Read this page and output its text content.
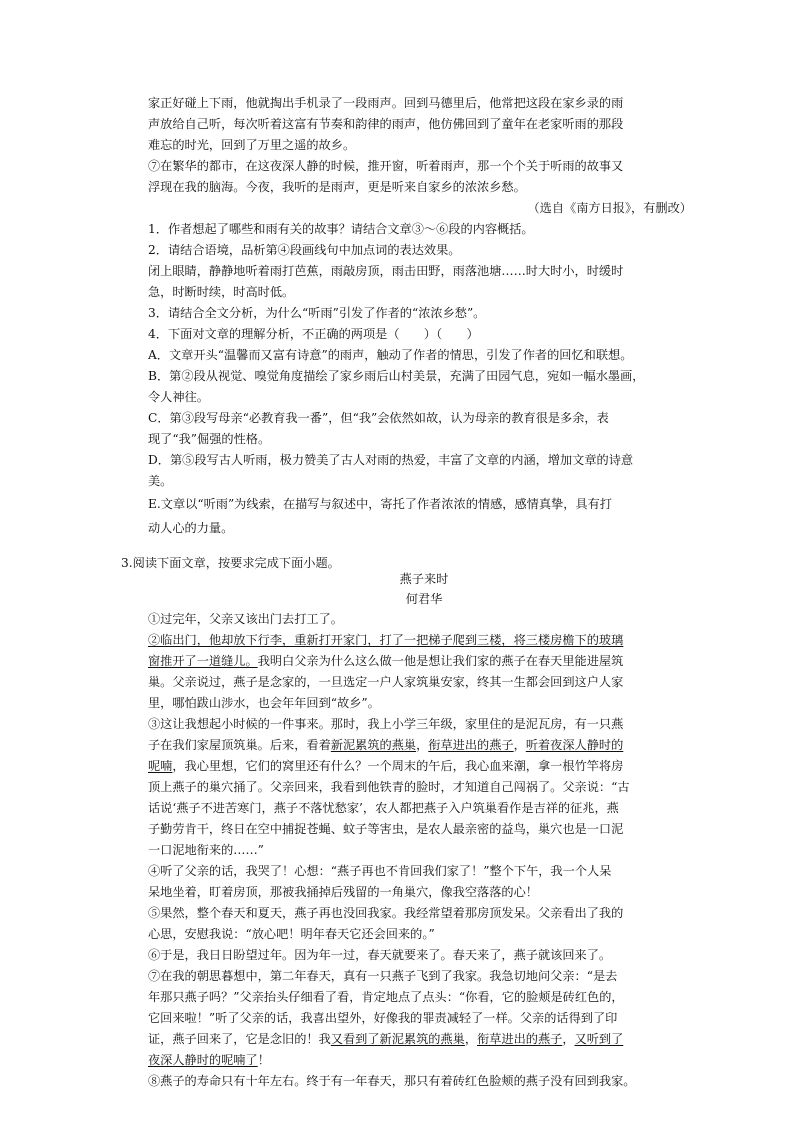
家正好碰上下雨，他就掏出手机录了一段雨声。回到马德里后，他常把这段在家乡录的雨
声放给自己听，每次听着这富有节奏和韵律的雨声，他仿佛回到了童年在老家听雨的那段
难忘的时光，回到了万里之遥的故乡。
⑦在繁华的都市，在这夜深人静的时候，推开窗，听着雨声，那一个个关于听雨的故事又
浮现在我的脑海。今夜，我听的是雨声，更是听来自家乡的浓浓乡愁。
（选自《南方日报》，有删改）
1．作者想起了哪些和雨有关的故事？请结合文章③～⑥段的内容概括。
2．请结合语境，品析第④段画线句中加点词的表达效果。
闭上眼睛，静静地听着雨打芭蕉，雨敲房顶，雨击田野，雨落池塘……时大时小，时缓时
急，时断时续，时高时低。
3．请结合全文分析，为什么“听雨”引发了作者的“浓浓乡愁”。
4．下面对文章的理解分析，不正确的两项是（　　）（　　）
A．文章开头“温馨而又富有诗意”的雨声，触动了作者的情思，引发了作者的回忆和联想。
B．第②段从视觉、嗅觉角度描绘了家乡雨后山村美景，充满了田园气息，宛如一幅水墨画，
令人神往。
C．第③段写母亲“必教育我一番”，但“我”会依然如故，认为母亲的教育很是多余，表
现了“我”倔强的性格。
D．第⑤段写古人听雨，极力赞美了古人对雨的热爱，丰富了文章的内涵，增加文章的诗意
美。
E.文章以“听雨”为线索，在描写与叙述中，寄托了作者浓浓的情感，感情真挚，具有打
动人心的力量。
3.阅读下面文章，按要求完成下面小题。
燕子来时
何君华
①过完年，父亲又该出门去打工了。
②临出门，他却放下行李，重新打开家门，打了一把梯子爬到三楼，将三楼房檐下的玻璃
窗推开了一道缝儿。我明白父亲为什么这么做一他是想让我们家的燕子在春天里能进屋筑
巢。父亲说过，燕子是念家的，一旦选定一户人家筑巢安家，终其一生都会回到这户人家
里，哪怕跋山涉水，也会年年回到“故乡”。
③这让我想起小时候的一件事来。那时，我上小学三年级，家里住的是泥瓦房，有一只燕
子在我们家屋顶筑巢。后来，看着新泥累筑的燕巢，衔草进出的燕子，听着夜深人静时的
呢喃，我心里想，它们的窝里还有什么？一个周末的午后，我心血来潮，拿一根竹竿将房
顶上燕子的巢穴捅了。父亲回来，我看到他铁青的脸时，才知道自己闯祸了。父亲说：“古
话说‘燕子不进苦寒门，燕子不落忧愁家’，农人都把燕子入户筑巢看作是吉祥的征兆，燕
子勤劳肯干，终日在空中捕捉苍蝇、蚊子等害虫，是农人最亲密的益鸟，巢穴也是一口泥
一口泥地衔来的……”
④听了父亲的话，我哭了！心想：“燕子再也不肯回我们家了！”整个下午，我一个人呆
呆地坐着，盯着房顶，那被我捅掉后残留的一角巢穴，像我空落落的心！
⑤果然，整个春天和夏天，燕子再也没回我家。我经常望着那房顶发呆。父亲看出了我的
心思，安慰我说：“放心吧！明年春天它还会回来的。”
⑥于是，我日日盼望过年。因为年一过，春天就要来了。春天来了，燕子就该回来了。
⑦在我的朝思暮想中，第二年春天，真有一只燕子飞到了我家。我急切地问父亲：“是去
年那只燕子吗？”父亲抬头仔细看了看，肯定地点了点头：“你看，它的脸颊是砖红色的，
它回来啦！”听了父亲的话，我喜出望外，好像我的罪责减轻了一样。父亲的话得到了印
证，燕子回来了，它是念旧的！我又看到了新泥累筑的燕巢，衔草进出的燕子，又听到了
夜深人静时的呢喃了！
⑧燕子的寿命只有十年左右。终于有一年春天，那只有着砖红色脸颊的燕子没有回到我家。
